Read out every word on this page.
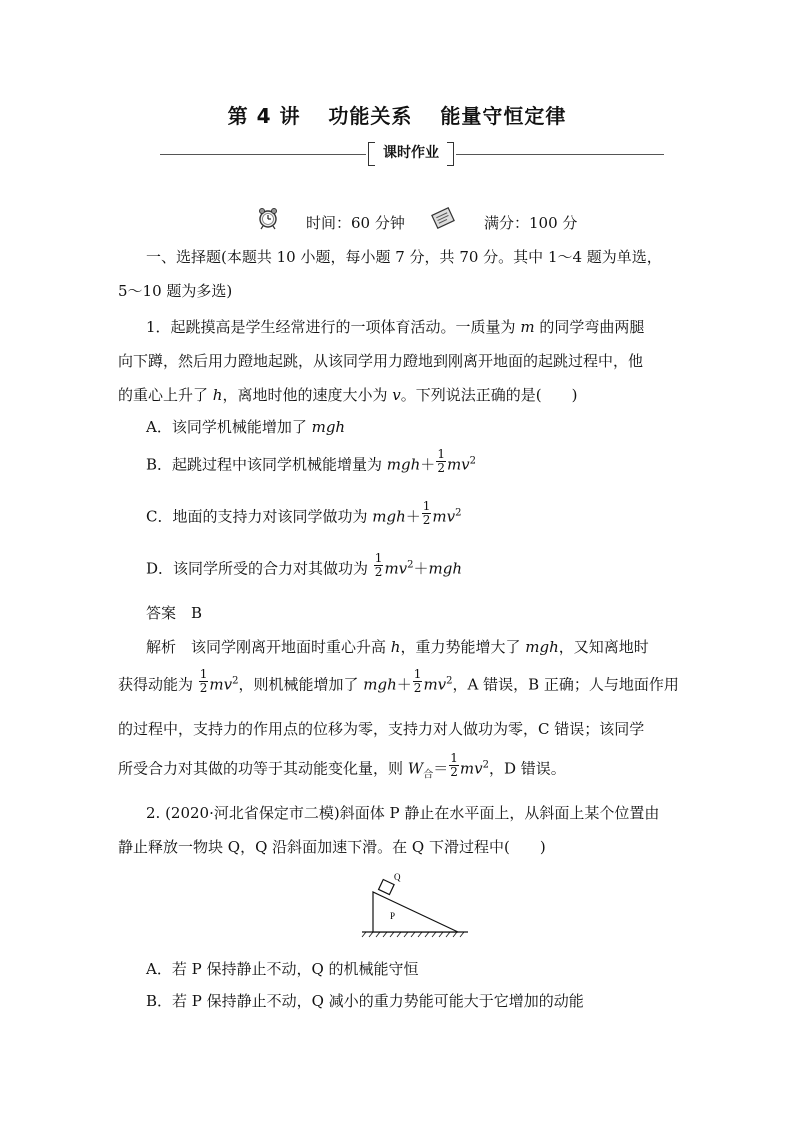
第 4 讲 功能关系 能量守恒定律
课时作业
时间：60 分钟	满分：100 分
一、选择题(本题共 10 小题，每小题 7 分，共 70 分。其中 1～4 题为单选，
5～10 题为多选)
1．起跳摸高是学生经常进行的一项体育活动。一质量为 m 的同学弯曲两腿
向下蹲，然后用力蹬地起跳，从该同学用力蹬地到刚离开地面的起跳过程中，他
的重心上升了 h，离地时他的速度大小为 v。下列说法正确的是(　　)
A．该同学机械能增加了 mgh
B．起跳过程中该同学机械能增量为 $mgh+ \frac{1}{2} mv^2$
C．地面的支持力对该同学做功为 $mgh+ \frac{1}{2} mv^2$
D．该同学所受的合力对其做功为 $\frac{1}{2} mv^2+mgh$
答案　 B
解析　该同学刚离开地面时重心升高 h，重力势能增大了 mgh，又知离地时
获得动能为 $\frac{1}{2} mv^2$，则机械能增加了 $mgh+ \frac{1}{2} mv^2$，A 错误，B 正确；人与地面作用
的过程中，支持力的作用点的位移为零，支持力对人做功为零，C 错误；该同学
所受合力对其做的功等于其动能变化量，则 $W_合= \frac{1}{2} mv^2$，D 错误。
2. (2020·河北省保定市二模)斜面体 P 静止在水平面上，从斜面上某个位置由
静止释放一物块 Q，Q 沿斜面加速下滑。在 Q 下滑过程中(　　)
Q
P
A．若 P 保持静止不动，Q 的机械能守恒
B．若 P 保持静止不动，Q 减小的重力势能可能大于它增加的动能
